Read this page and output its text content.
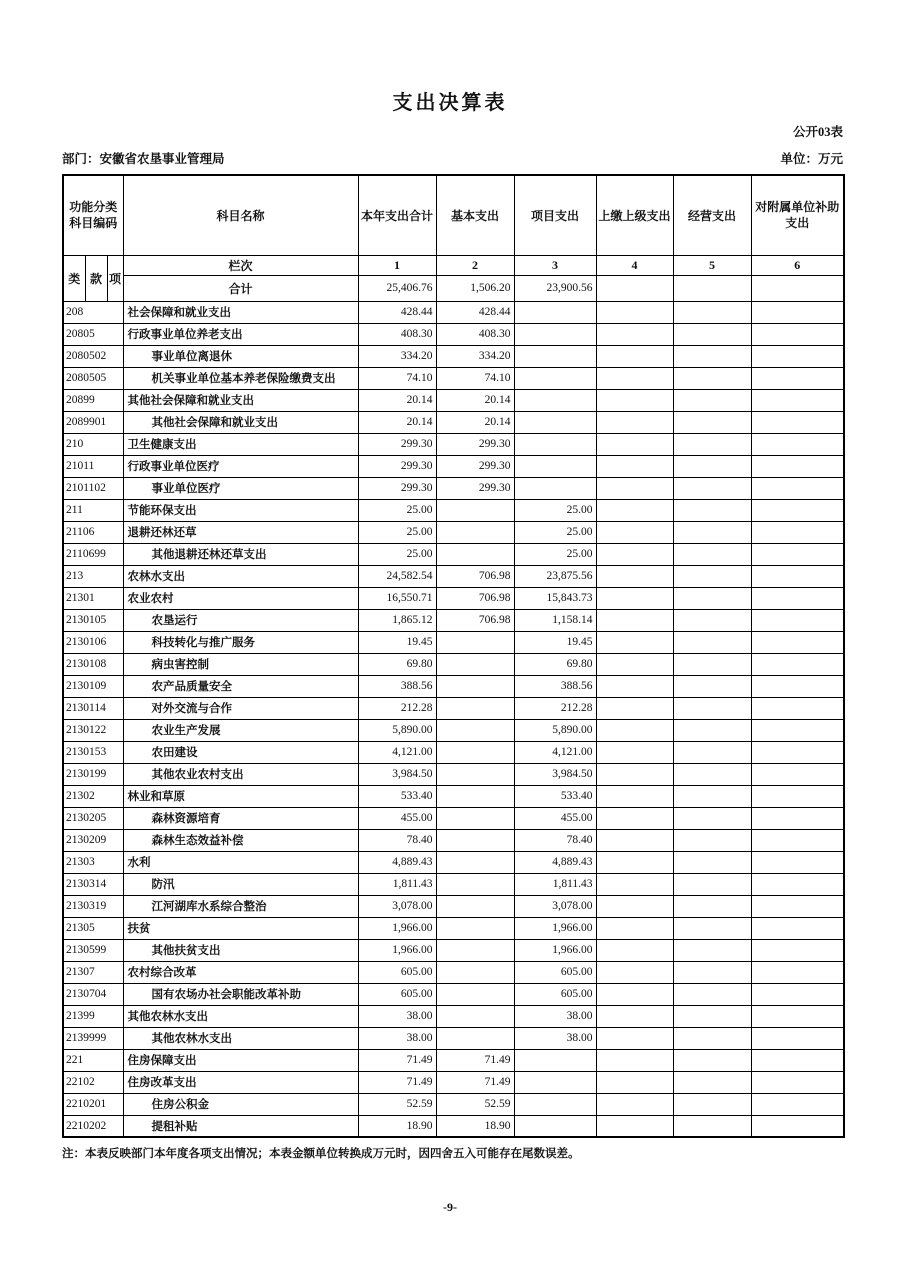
支出决算表
公开03表
部门：安徽省农垦事业管理局	单位：万元
功能分类
科目编码			科目名称	本年支出合计	基本支出	项目支出	上缴上级支出	经营支出	对附属单位补助支出
类	款	项	栏次	1	2	3	4	5	6
			合计	25,406.76	1,506.20	23,900.56			
208			社会保障和就业支出	428.44	428.44				
20805			行政事业单位养老支出	408.30	408.30				
2080502			事业单位离退休	334.20	334.20				
2080505			机关事业单位基本养老保险缴费支出	74.10	74.10				
20899			其他社会保障和就业支出	20.14	20.14				
2089901			其他社会保障和就业支出	20.14	20.14				
210			卫生健康支出	299.30	299.30				
21011			行政事业单位医疗	299.30	299.30				
2101102			事业单位医疗	299.30	299.30				
211			节能环保支出	25.00		25.00			
21106			退耕还林还草	25.00		25.00			
2110699			其他退耕还林还草支出	25.00		25.00			
213			农林水支出	24,582.54	706.98	23,875.56			
21301			农业农村	16,550.71	706.98	15,843.73			
2130105			农垦运行	1,865.12	706.98	1,158.14			
2130106			科技转化与推广服务	19.45		19.45			
2130108			病虫害控制	69.80		69.80			
2130109			农产品质量安全	388.56		388.56			
2130114			对外交流与合作	212.28		212.28			
2130122			农业生产发展	5,890.00		5,890.00			
2130153			农田建设	4,121.00		4,121.00			
2130199			其他农业农村支出	3,984.50		3,984.50			
21302			林业和草原	533.40		533.40			
2130205			森林资源培育	455.00		455.00			
2130209			森林生态效益补偿	78.40		78.40			
21303			水利	4,889.43		4,889.43			
2130314			防汛	1,811.43		1,811.43			
2130319			江河湖库水系综合整治	3,078.00		3,078.00			
21305			扶贫	1,966.00		1,966.00			
2130599			其他扶贫支出	1,966.00		1,966.00			
21307			农村综合改革	605.00		605.00			
2130704			国有农场办社会职能改革补助	605.00		605.00			
21399			其他农林水支出	38.00		38.00			
2139999			其他农林水支出	38.00		38.00			
221			住房保障支出	71.49	71.49				
22102			住房改革支出	71.49	71.49				
2210201			住房公积金	52.59	52.59				
2210202			提租补贴	18.90	18.90				
注：本表反映部门本年度各项支出情况；本表金额单位转换成万元时，因四舍五入可能存在尾数误差。
-9-
